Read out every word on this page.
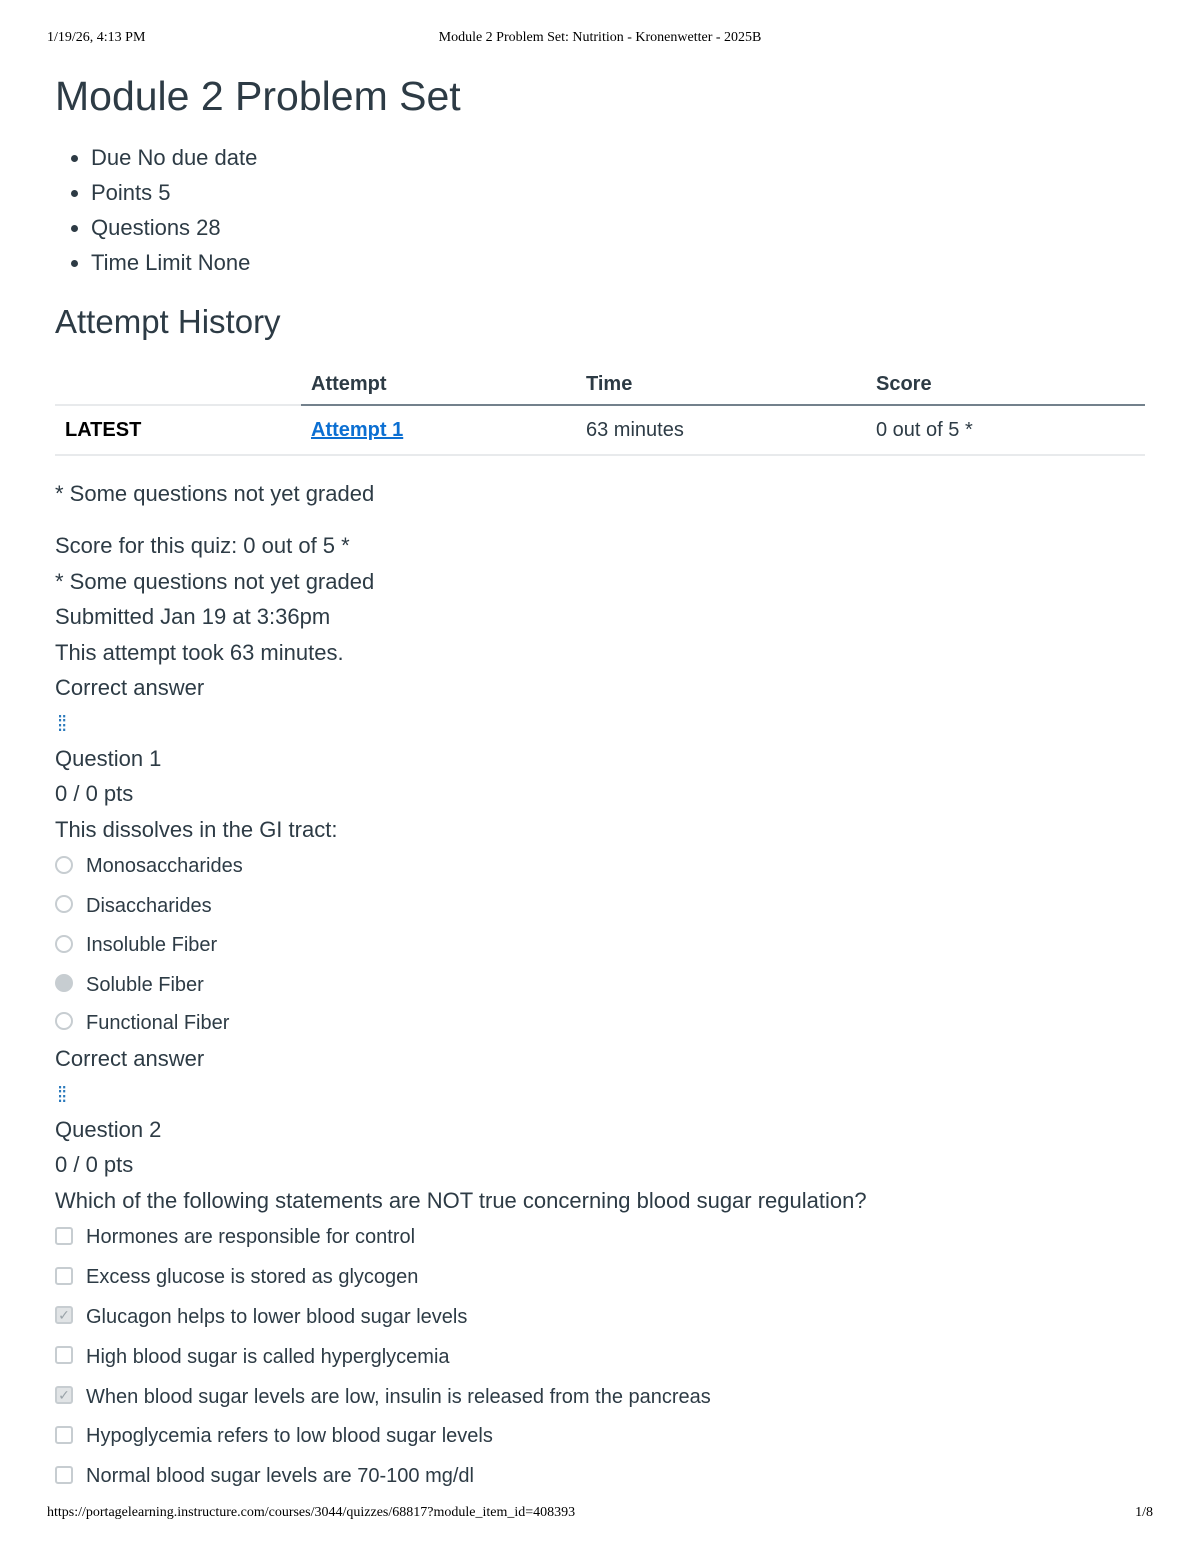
1/19/26, 4:13 PM	Module 2 Problem Set: Nutrition - Kronenwetter - 2025B
Module 2 Problem Set
• Due No due date
• Points 5
• Questions 28
• Time Limit None
Attempt History
	Attempt	Time	Score
LATEST	Attempt 1	63 minutes	0 out of 5 *
* Some questions not yet graded
Score for this quiz: 0 out of 5 *
* Some questions not yet graded
Submitted Jan 19 at 3:36pm
This attempt took 63 minutes.
Correct answer
⁞⁞
Question 1
0 / 0 pts
This dissolves in the GI tract:
Monosaccharides
Disaccharides
Insoluble Fiber
Soluble Fiber
Functional Fiber
Correct answer
⁞⁞
Question 2
0 / 0 pts
Which of the following statements are NOT true concerning blood sugar regulation?
Hormones are responsible for control
Excess glucose is stored as glycogen
✓ Glucagon helps to lower blood sugar levels
High blood sugar is called hyperglycemia
✓ When blood sugar levels are low, insulin is released from the pancreas
Hypoglycemia refers to low blood sugar levels
Normal blood sugar levels are 70-100 mg/dl
https://portagelearning.instructure.com/courses/3044/quizzes/68817?module_item_id=408393	1/8
